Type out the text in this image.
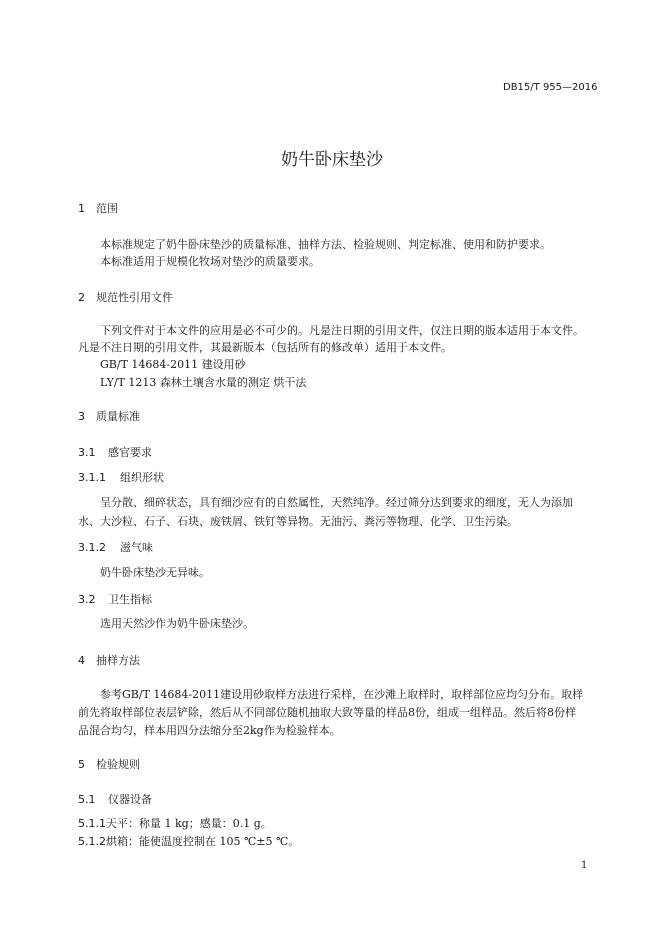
DB15/T 955—2016
奶牛卧床垫沙
1 范围
本标准规定了奶牛卧床垫沙的质量标准、抽样方法、检验规则、判定标准、使用和防护要求。
本标准适用于规模化牧场对垫沙的质量要求。
2 规范性引用文件
下列文件对于本文件的应用是必不可少的。凡是注日期的引用文件，仅注日期的版本适用于本文件。
凡是不注日期的引用文件，其最新版本（包括所有的修改单）适用于本文件。
GB/T 14684-2011 建设用砂
LY/T 1213 森林土壤含水量的测定 烘干法
3 质量标准
3.1 感官要求
3.1.1 组织形状
呈分散、细碎状态，具有细沙应有的自然属性，天然纯净。经过筛分达到要求的细度，无人为添加
水、大沙粒、石子、石块、废铁屑、铁钉等异物。无油污、粪污等物理、化学、卫生污染。
3.1.2 滋气味
奶牛卧床垫沙无异味。
3.2 卫生指标
选用天然沙作为奶牛卧床垫沙。
4 抽样方法
参考GB/T 14684-2011建设用砂取样方法进行采样，在沙滩上取样时，取样部位应均匀分布。取样
前先将取样部位表层铲除，然后从不同部位随机抽取大致等量的样品8份，组成一组样品。然后将8份样
品混合均匀，样本用四分法缩分至2kg作为检验样本。
5 检验规则
5.1 仪器设备
5.1.1天平：称量 1 kg；感量：0.1 g。
5.1.2烘箱：能使温度控制在 105 ℃±5 ℃。
1
